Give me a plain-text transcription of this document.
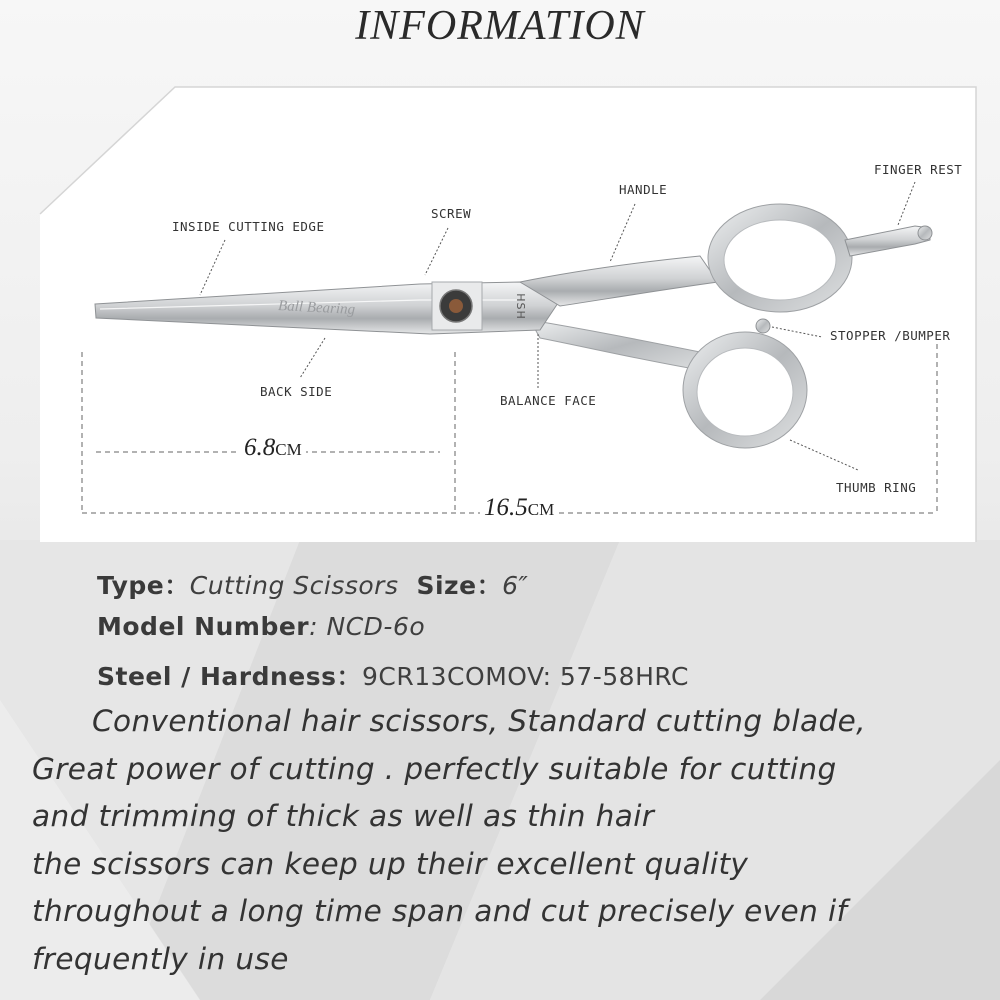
INFORMATION
Ball Bearing	HSH
INSIDE CUTTING EDGE
SCREW
HANDLE
FINGER REST
STOPPER /BUMPER
BACK SIDE
BALANCE FACE
THUMB RING
6.8CM
16.5CM
Type：Cutting Scissors Size：6″
Model Number: NCD-6o
Steel / Hardness：9CR13COMOV: 57-58HRC
Conventional hair scissors, Standard cutting blade,
Great power of cutting . perfectly suitable for cutting
and trimming of thick as well as thin hair
the scissors can keep up their excellent quality
throughout a long time span and cut precisely even if
frequently in use
